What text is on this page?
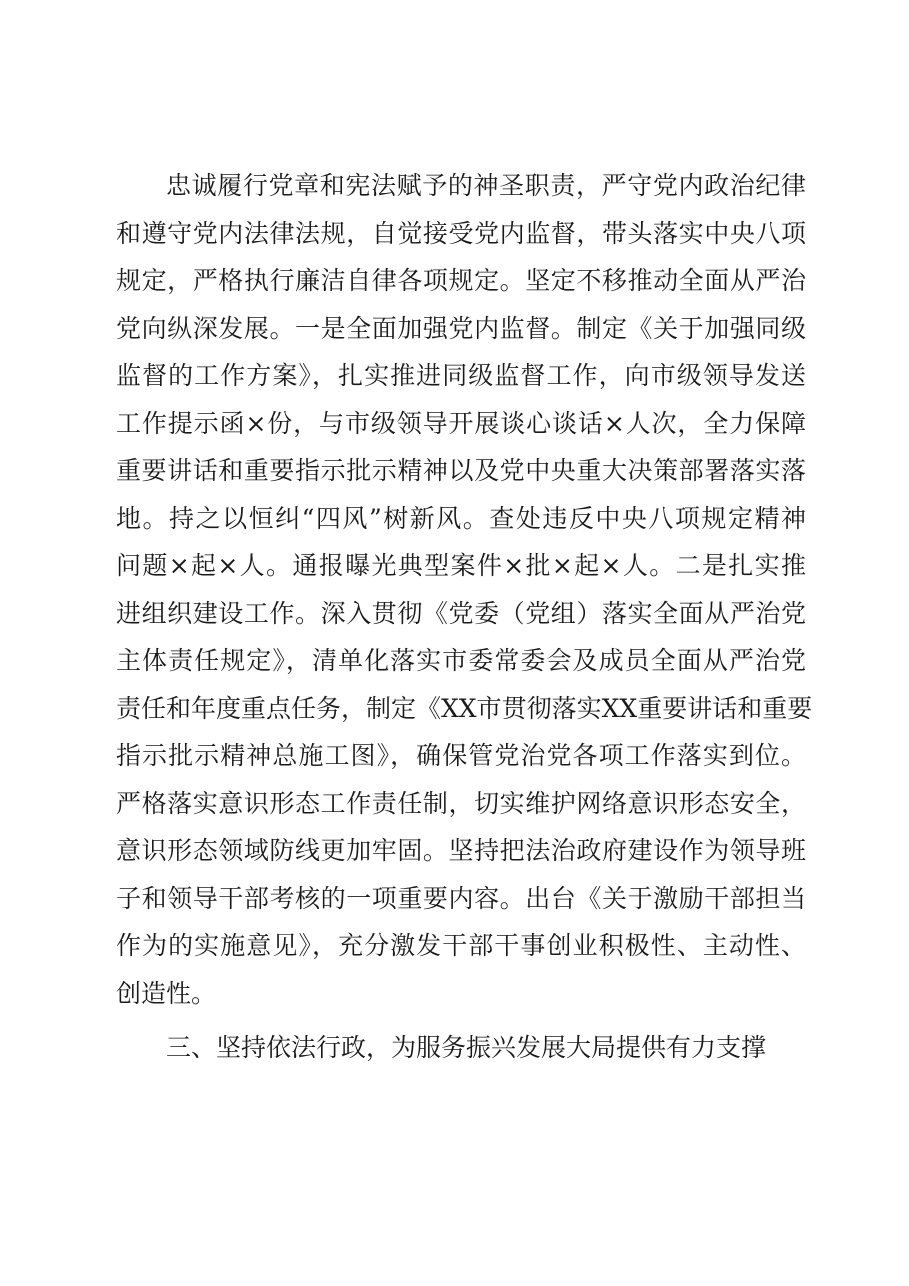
忠诚履行党章和宪法赋予的神圣职责，严守党内政治纪律
和遵守党内法律法规，自觉接受党内监督，带头落实中央八项
规定，严格执行廉洁自律各项规定。坚定不移推动全面从严治
党向纵深发展。一是全面加强党内监督。制定《关于加强同级
监督的工作方案》，扎实推进同级监督工作，向市级领导发送
工作提示函×份，与市级领导开展谈心谈话×人次，全力保障
重要讲话和重要指示批示精神以及党中央重大决策部署落实落
地。持之以恒纠“四风”树新风。查处违反中央八项规定精神
问题×起×人。通报曝光典型案件×批×起×人。二是扎实推
进组织建设工作。深入贯彻《党委（党组）落实全面从严治党
主体责任规定》，清单化落实市委常委会及成员全面从严治党
责任和年度重点任务，制定《XX市贯彻落实XX重要讲话和重要
指示批示精神总施工图》，确保管党治党各项工作落实到位。
严格落实意识形态工作责任制，切实维护网络意识形态安全，
意识形态领域防线更加牢固。坚持把法治政府建设作为领导班
子和领导干部考核的一项重要内容。出台《关于激励干部担当
作为的实施意见》，充分激发干部干事创业积极性、主动性、
创造性。
三、坚持依法行政，为服务振兴发展大局提供有力支撑
